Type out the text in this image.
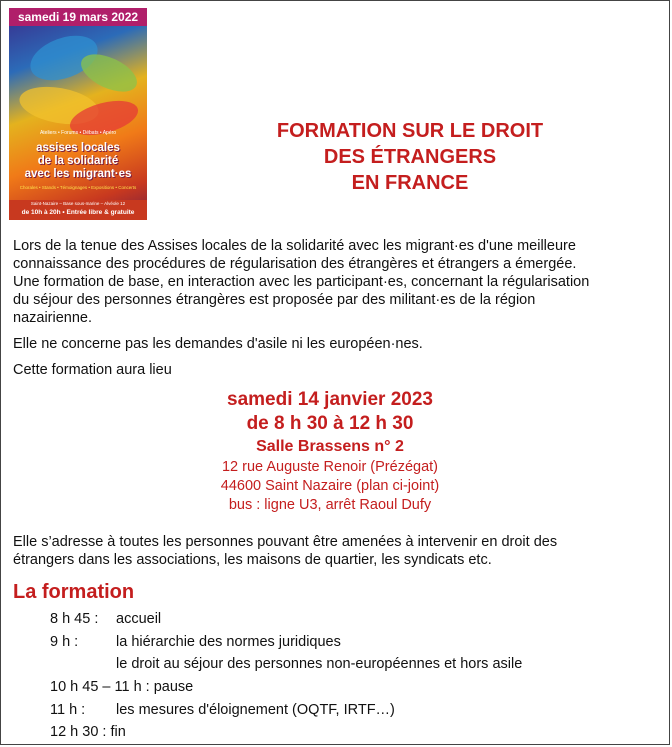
samedi 19 mars 2022
Ateliers • Forums • Débats • Apéro
assises locales
de la solidarité
avec les migrant·es
Chorales • Stands • Témoignages • Expositions • Concerts
Saint-Nazaire – Base sous-marine – Alvéole 12
de 10h à 20h • Entrée libre & gratuite
FORMATION SUR LE DROIT
DES ÉTRANGERS
EN FRANCE
Lors de la tenue des Assises locales de la solidarité avec les migrant·es d'une meilleure
connaissance des procédures de régularisation des étrangères et étrangers a émergée.
Une formation de base, en interaction avec les participant·es, concernant la régularisation
du séjour des personnes étrangères est proposée par des militant·es de la région
nazairienne.
Elle ne concerne pas les demandes d'asile ni les européen·nes.
Cette formation aura lieu
samedi 14 janvier 2023
de 8 h 30 à 12 h 30
Salle Brassens n° 2
12 rue Auguste Renoir (Prézégat)
44600 Saint Nazaire (plan ci-joint)
bus : ligne U3, arrêt Raoul Dufy
Elle s’adresse à toutes les personnes pouvant être amenées à intervenir en droit des
étrangers dans les associations, les maisons de quartier, les syndicats etc.
La formation
8 h 45 : accueil
9 h :	la hiérarchie des normes juridiques
le droit au séjour des personnes non-européennes et hors asile
10 h 45 – 11 h : pause
11 h : les mesures d'éloignement (OQTF, IRTF…)
12 h 30 : fin
